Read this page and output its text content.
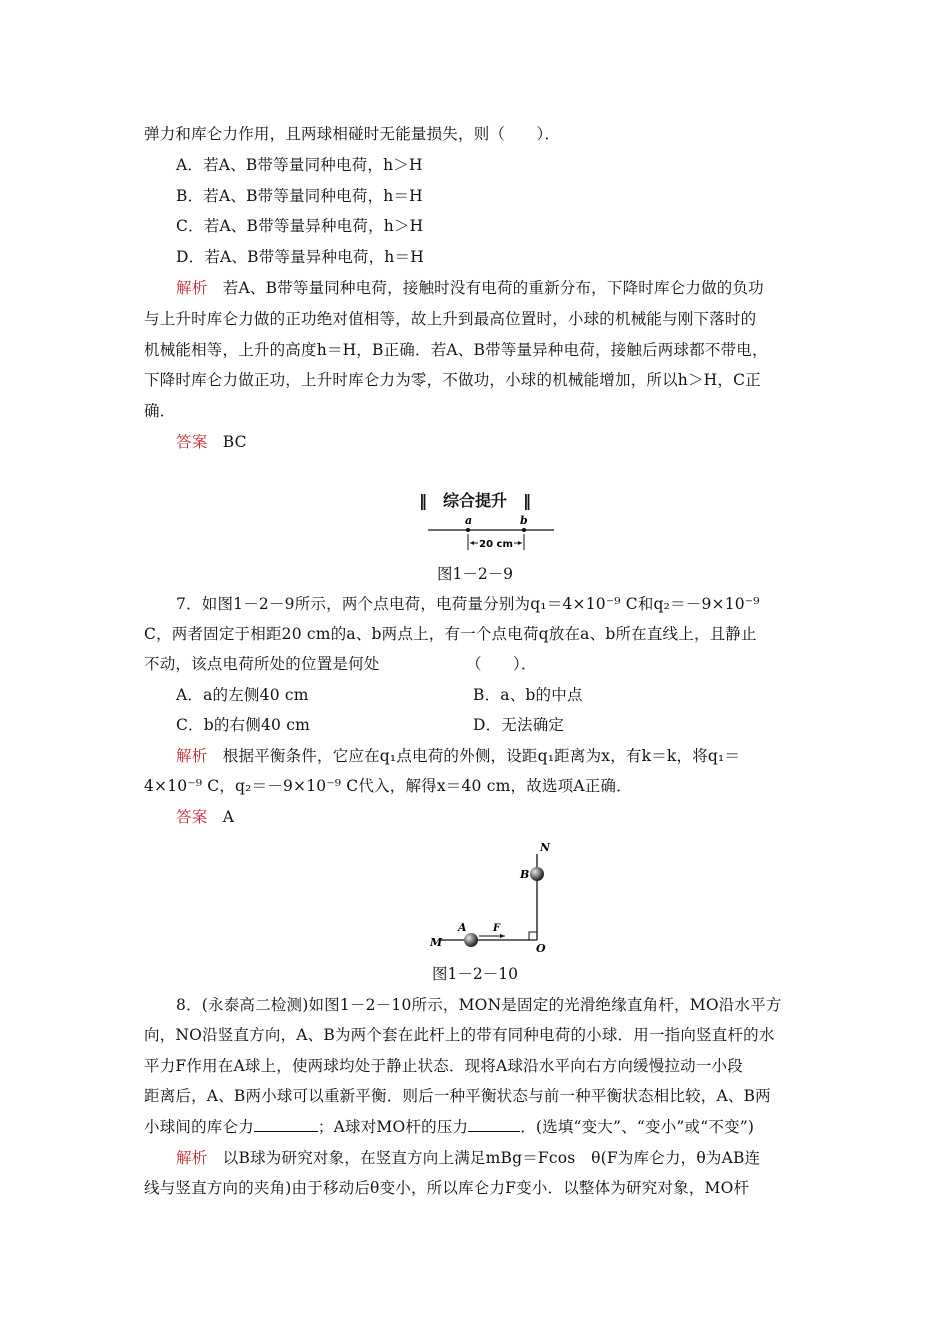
弹力和库仑力作用，且两球相碰时无能量损失，则（　　）．
A．若A、B带等量同种电荷，h＞H
B．若A、B带等量同种电荷，h＝H
C．若A、B带等量异种电荷，h＞H
D．若A、B带等量异种电荷，h＝H
解析 若A、B带等量同种电荷，接触时没有电荷的重新分布，下降时库仑力做的负功
与上升时库仑力做的正功绝对值相等，故上升到最高位置时，小球的机械能与刚下落时的
机械能相等，上升的高度h＝H，B正确．若A、B带等量异种电荷，接触后两球都不带电，
下降时库仑力做正功，上升时库仑力为零，不做功，小球的机械能增加，所以h＞H，C正
确．
答案 BC
‖　综合提升　‖
a	b
20 cm
图1－2－9
7．如图1－2－9所示，两个点电荷，电荷量分别为q₁＝4×10⁻⁹ C和q₂＝－9×10⁻⁹
C，两者固定于相距20 cm的a、b两点上，有一个点电荷q放在a、b所在直线上，且静止
不动，该点电荷所处的位置是何处　　　　　　（　　）．
A．a的左侧40 cm	B．a、b的中点
C．b的右侧40 cm	D．无法确定
解析 根据平衡条件，它应在q₁点电荷的外侧，设距q₁距离为x，有k＝k，将q₁＝
4×10⁻⁹ C，q₂＝－9×10⁻⁹ C代入，解得x＝40 cm，故选项A正确．
答案 A
N
B
A	F
M	O
图1－2－10
8．(永泰高二检测)如图1－2－10所示，MON是固定的光滑绝缘直角杆，MO沿水平方
向，NO沿竖直方向，A、B为两个套在此杆上的带有同种电荷的小球．用一指向竖直杆的水
平力F作用在A球上，使两球均处于静止状态．现将A球沿水平向右方向缓慢拉动一小段
距离后，A、B两小球可以重新平衡．则后一种平衡状态与前一种平衡状态相比较，A、B两
小球间的库仑力	；A球对MO杆的压力	．(选填“变大”、“变小”或“不变”)
解析 以B球为研究对象，在竖直方向上满足mBg＝Fcos　θ(F为库仑力，θ为AB连
线与竖直方向的夹角)由于移动后θ变小，所以库仑力F变小．以整体为研究对象，MO杆
